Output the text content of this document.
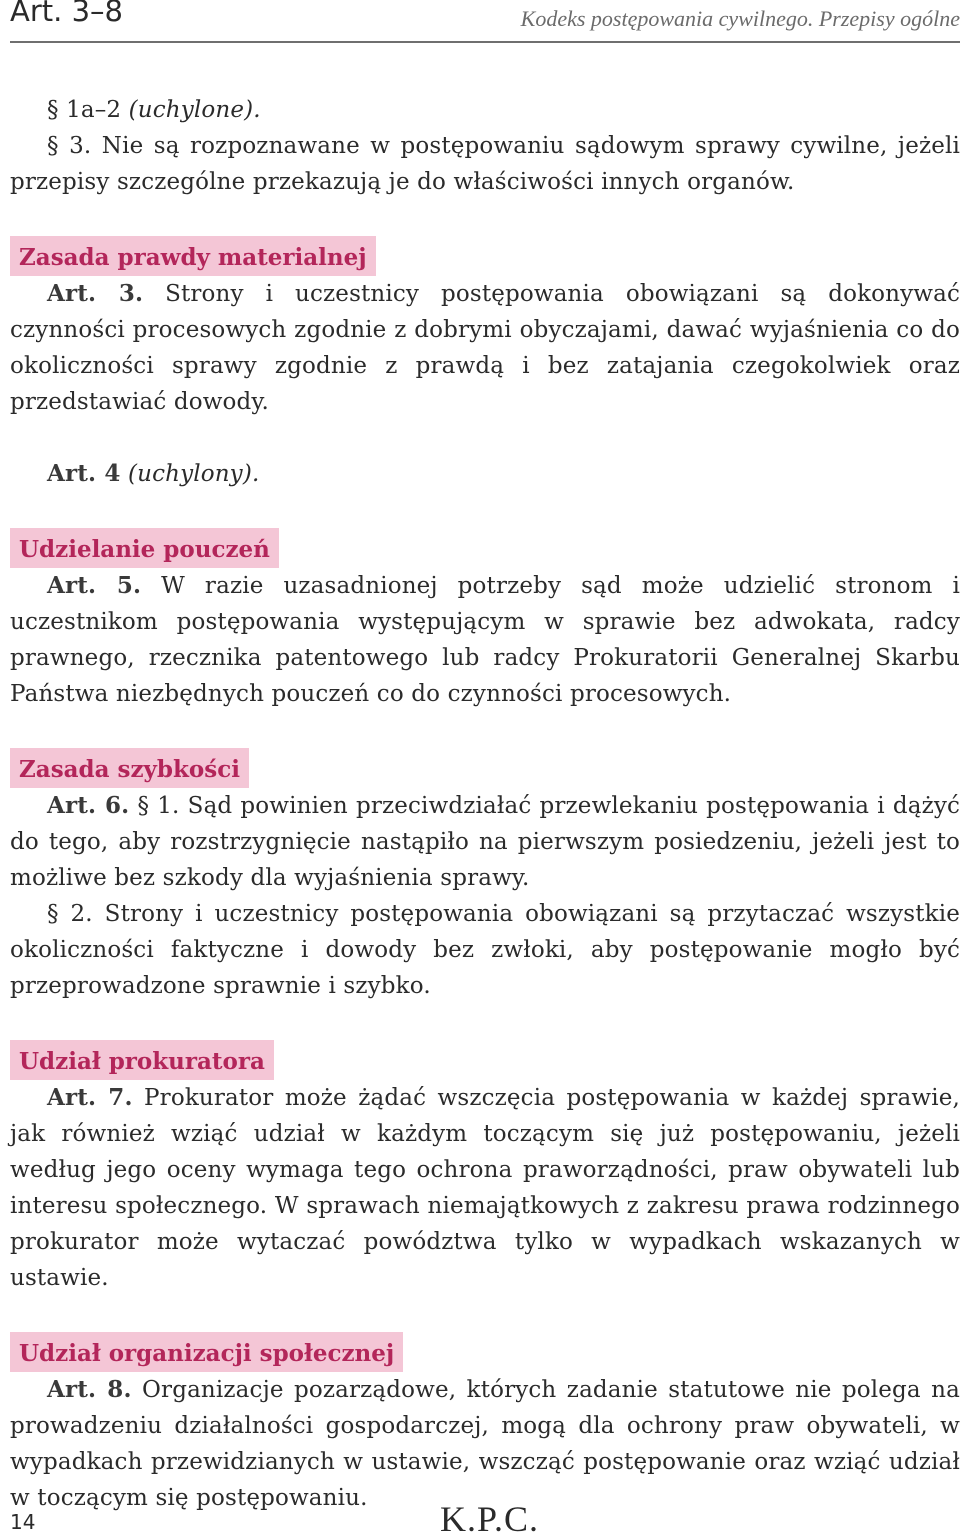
Art. 3–8	Kodeks postępowania cywilnego. Przepisy ogólne

§ 1a–2 (uchylone).

§ 3. Nie są rozpoznawane w postępowaniu sądowym sprawy cywilne, jeżeli przepisy szczególne przekazują je do właściwości innych organów.

Zasada prawdy materialnej

Art. 3. Strony i uczestnicy postępowania obowiązani są dokonywać czynności procesowych zgodnie z dobrymi obyczajami, dawać wyjaśnienia co do okoliczności sprawy zgodnie z prawdą i bez zatajania czegokolwiek oraz przedstawiać dowody.

Art. 4 (uchylony).

Udzielanie pouczeń

Art. 5. W razie uzasadnionej potrzeby sąd może udzielić stronom i uczestnikom postępowania występującym w sprawie bez adwokata, radcy prawnego, rzecznika patentowego lub radcy Prokuratorii Generalnej Skarbu Państwa niezbędnych pouczeń co do czynności procesowych.

Zasada szybkości

Art. 6. § 1. Sąd powinien przeciwdziałać przewlekaniu postępowania i dążyć do tego, aby rozstrzygnięcie nastąpiło na pierwszym posiedzeniu, jeżeli jest to możliwe bez szkody dla wyjaśnienia sprawy.

§ 2. Strony i uczestnicy postępowania obowiązani są przytaczać wszystkie okoliczności faktyczne i dowody bez zwłoki, aby postępowanie mogło być przeprowadzone sprawnie i szybko.

Udział prokuratora

Art. 7. Prokurator może żądać wszczęcia postępowania w każdej sprawie, jak również wziąć udział w każdym toczącym się już postępowaniu, jeżeli według jego oceny wymaga tego ochrona praworządności, praw obywateli lub interesu społecznego. W sprawach niemajątkowych z zakresu prawa rodzinnego prokurator może wytaczać powództwa tylko w wypadkach wskazanych w ustawie.

Udział organizacji społecznej

Art. 8. Organizacje pozarządowe, których zadanie statutowe nie polega na prowadzeniu działalności gospodarczej, mogą dla ochrony praw obywateli, w wypadkach przewidzianych w ustawie, wszcząć postępowanie oraz wziąć udział w toczącym się postępowaniu.

14	K.P.C.
